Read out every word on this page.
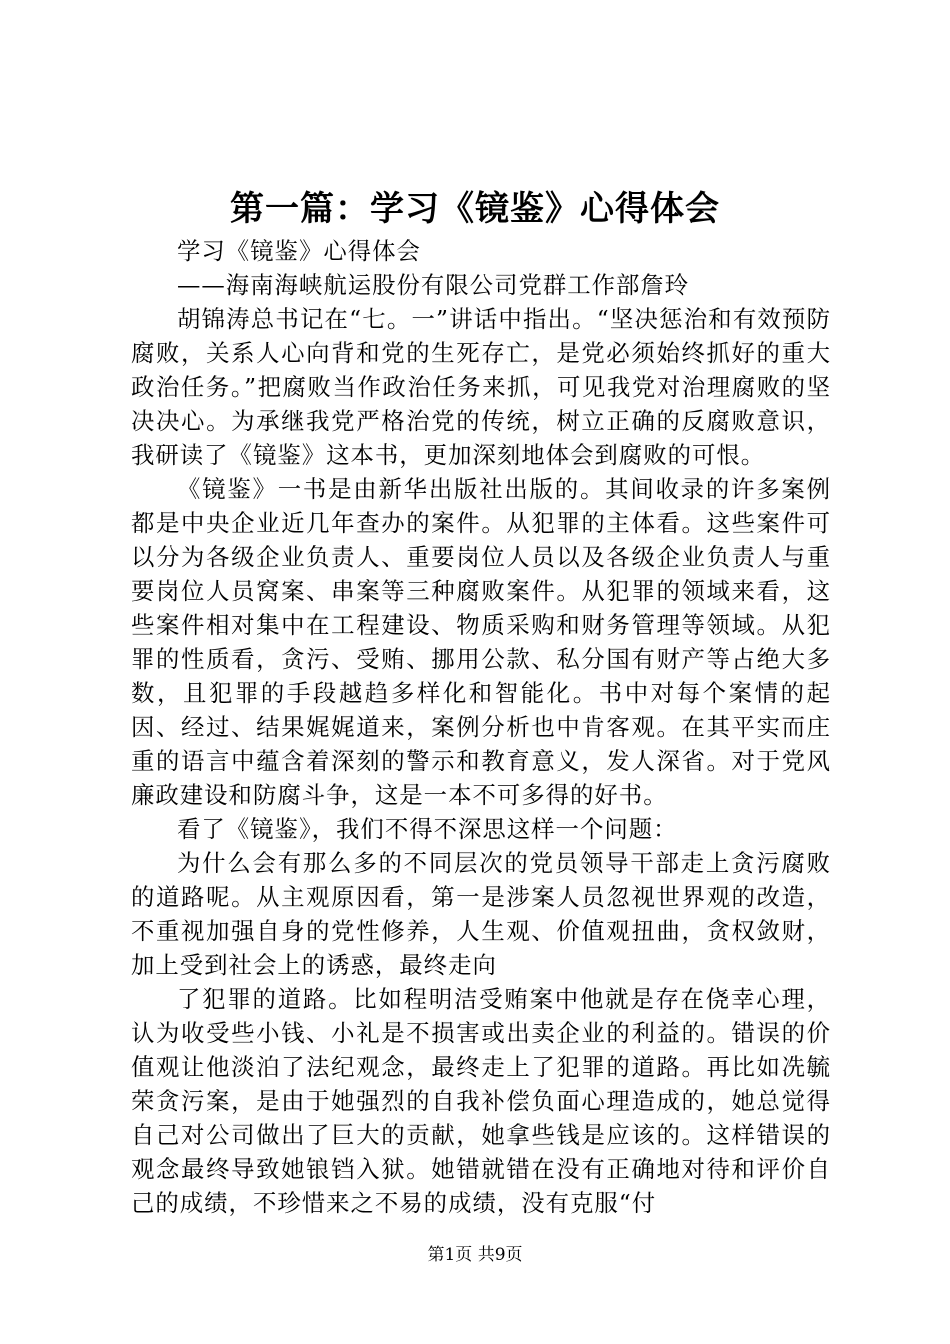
第一篇：学习《镜鉴》心得体会

学习《镜鉴》心得体会

——海南海峡航运股份有限公司党群工作部詹玲

胡锦涛总书记在“七。一”讲话中指出。“坚决惩治和有效预防腐败，关系人心向背和党的生死存亡，是党必须始终抓好的重大政治任务。”把腐败当作政治任务来抓，可见我党对治理腐败的坚决决心。为承继我党严格治党的传统，树立正确的反腐败意识，我研读了《镜鉴》这本书，更加深刻地体会到腐败的可恨。

《镜鉴》一书是由新华出版社出版的。其间收录的许多案例都是中央企业近几年查办的案件。从犯罪的主体看。这些案件可以分为各级企业负责人、重要岗位人员以及各级企业负责人与重要岗位人员窝案、串案等三种腐败案件。从犯罪的领域来看，这些案件相对集中在工程建设、物质采购和财务管理等领域。从犯罪的性质看，贪污、受贿、挪用公款、私分国有财产等占绝大多数，且犯罪的手段越趋多样化和智能化。书中对每个案情的起因、经过、结果娓娓道来，案例分析也中肯客观。在其平实而庄重的语言中蕴含着深刻的警示和教育意义，发人深省。对于党风廉政建设和防腐斗争，这是一本不可多得的好书。

看了《镜鉴》，我们不得不深思这样一个问题：

为什么会有那么多的不同层次的党员领导干部走上贪污腐败的道路呢。从主观原因看，第一是涉案人员忽视世界观的改造，不重视加强自身的党性修养，人生观、价值观扭曲，贪权敛财，加上受到社会上的诱惑，最终走向

了犯罪的道路。比如程明洁受贿案中他就是存在侥幸心理，认为收受些小钱、小礼是不损害或出卖企业的利益的。错误的价值观让他淡泊了法纪观念，最终走上了犯罪的道路。再比如冼毓荣贪污案，是由于她强烈的自我补偿负面心理造成的，她总觉得自己对公司做出了巨大的贡献，她拿些钱是应该的。这样错误的观念最终导致她锒铛入狱。她错就错在没有正确地对待和评价自己的成绩，不珍惜来之不易的成绩，没有克服“付

第1页 共9页
